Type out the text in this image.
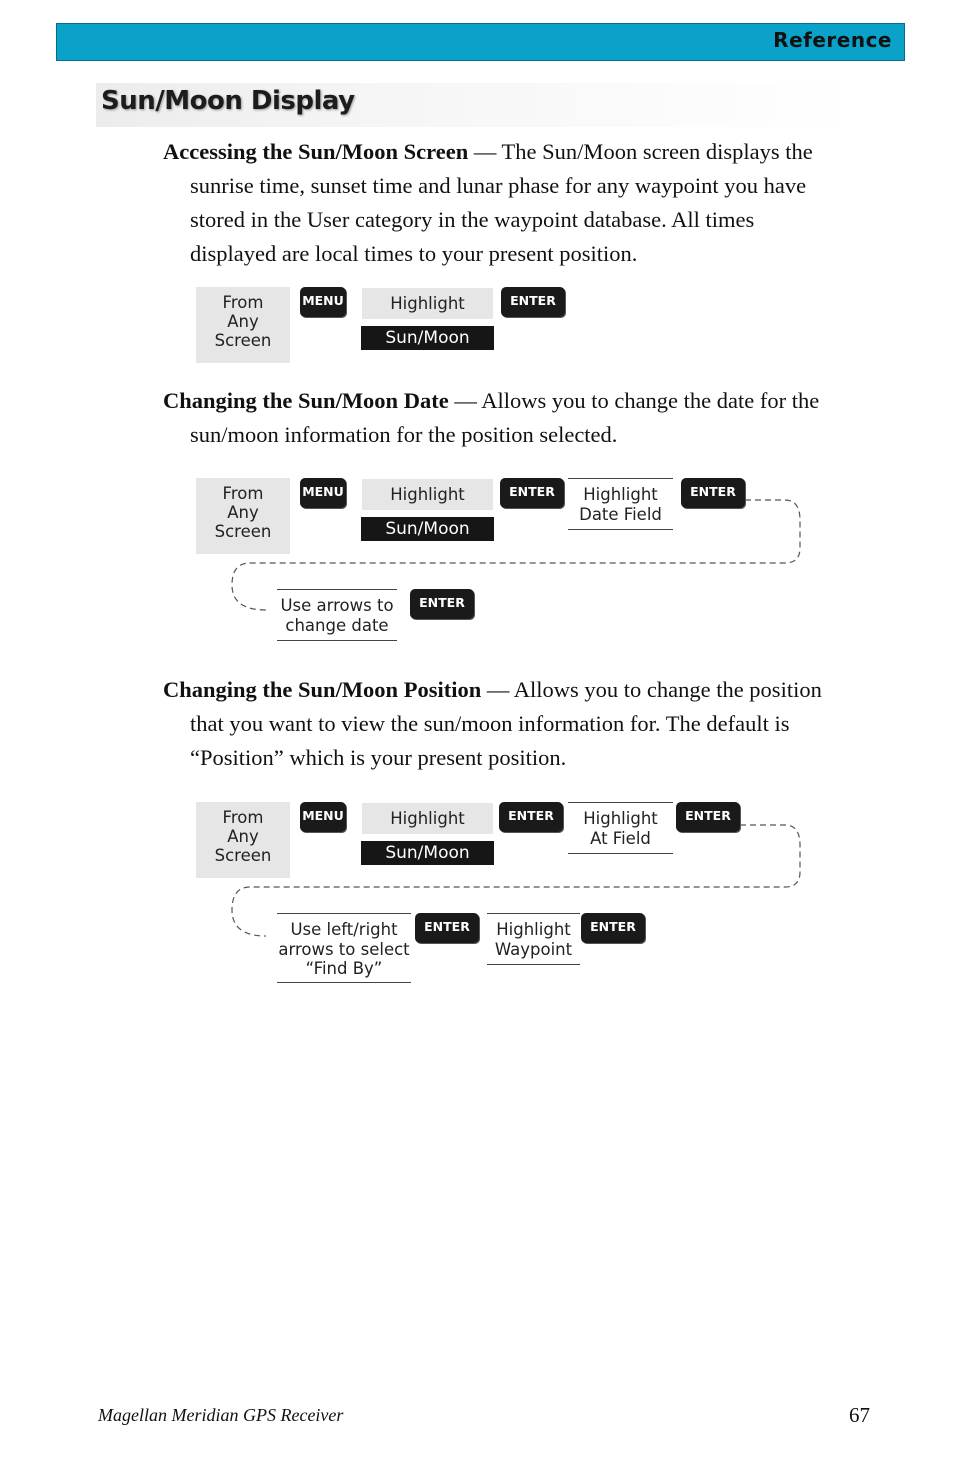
Reference
Sun/Moon Display
Accessing the Sun/Moon Screen — The Sun/Moon screen displays the
sunrise time, sunset time and lunar phase for any waypoint you have
stored in the User category in the waypoint database. All times
displayed are local times to your present position.
From
Any
Screen
MENU	Highlight
Sun/Moon
ENTER
Changing the Sun/Moon Date — Allows you to change the date for the
sun/moon information for the position selected.
From
Any
Screen
MENU	Highlight
Sun/Moon
ENTER	Highlight
Date Field
ENTER
Use arrows to
change date
ENTER
Changing the Sun/Moon Position — Allows you to change the position
that you want to view the sun/moon information for. The default is
“Position” which is your present position.
From
Any
Screen
MENU	Highlight
Sun/Moon
ENTER	Highlight
At Field
ENTER
Use left/right
arrows to select
“Find By”
ENTER	Highlight
Waypoint
ENTER
Magellan Meridian GPS Receiver	67
